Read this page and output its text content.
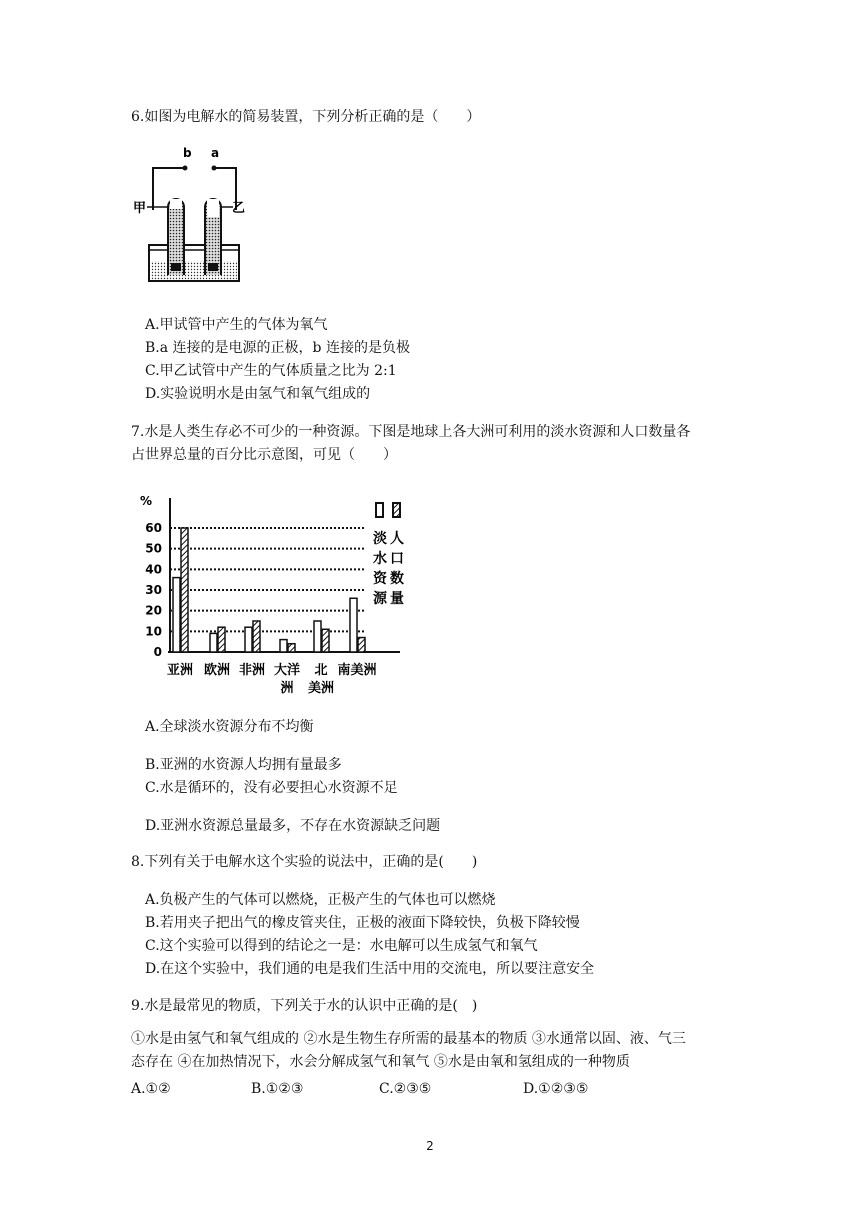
6.如图为电解水的简易装置，下列分析正确的是（　　）
b a
甲	乙
A.甲试管中产生的气体为氧气
B.a 连接的是电源的正极，b 连接的是负极
C.甲乙试管中产生的气体质量之比为 2:1
D.实验说明水是由氢气和氧气组成的
7.水是人类生存必不可少的一种资源。下图是地球上各大洲可利用的淡水资源和人口数量各
占世界总量的百分比示意图，可见（　　）
%
0
10
20
30
40
50
60
亚洲 欧洲 非洲 大洋
洲
北
美洲
南美洲
淡
水
资
源
人
口
数
量
A.全球淡水资源分布不均衡
B.亚洲的水资源人均拥有量最多
C.水是循环的，没有必要担心水资源不足
D.亚洲水资源总量最多，不存在水资源缺乏问题
8.下列有关于电解水这个实验的说法中，正确的是(　　)
A.负极产生的气体可以燃烧，正极产生的气体也可以燃烧
B.若用夹子把出气的橡皮管夹住，正极的液面下降较快，负极下降较慢
C.这个实验可以得到的结论之一是：水电解可以生成氢气和氧气
D.在这个实验中，我们通的电是我们生活中用的交流电，所以要注意安全
9.水是最常见的物质，下列关于水的认识中正确的是(　)
①水是由氢气和氧气组成的 ②水是生物生存所需的最基本的物质 ③水通常以固、液、气三
态存在 ④在加热情况下，水会分解成氢气和氧气 ⑤水是由氧和氢组成的一种物质
A.①②	B.①②③	C.②③⑤	D.①②③⑤
2
